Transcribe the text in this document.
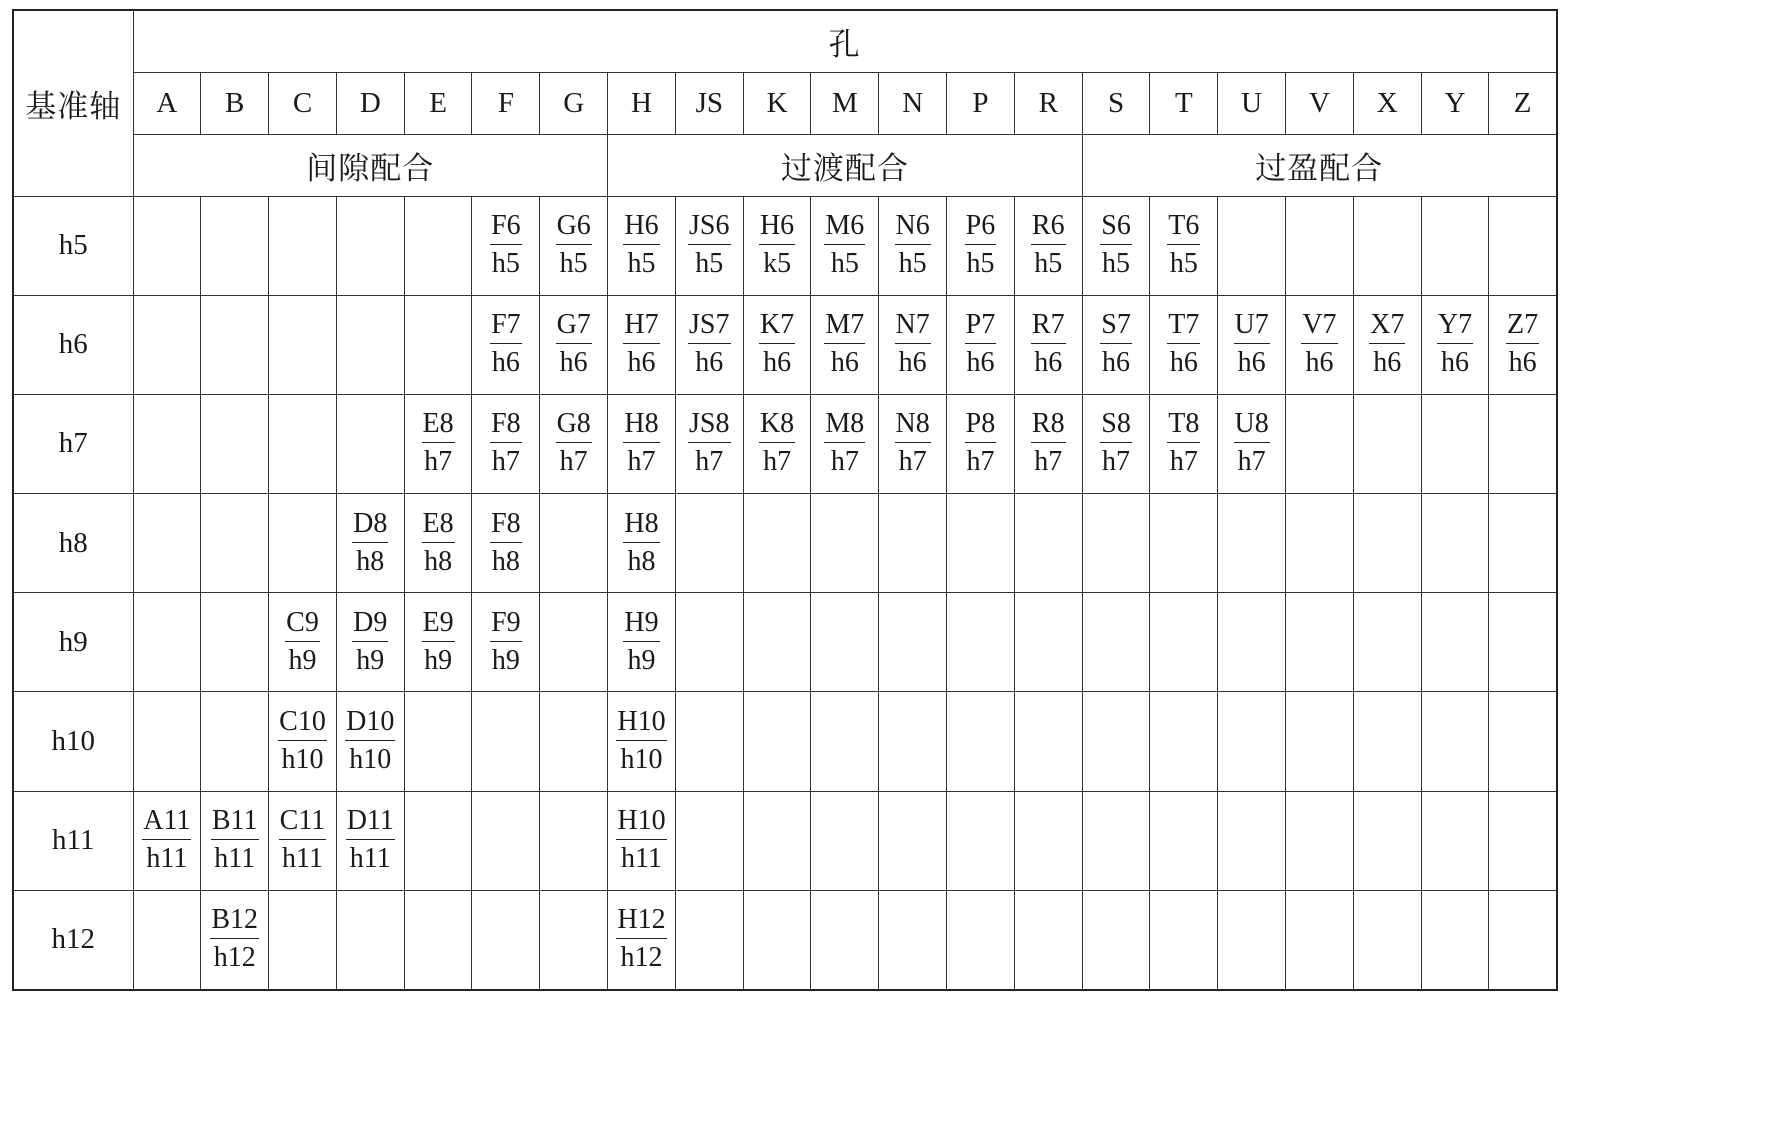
基准轴	孔																				
	A	B	C	D	E	F	G	H	JS	K	M	N	P	R	S	T	U	V	X	Y	Z
	间隙配合							过渡配合							过盈配合						
h5						$\frac{F6}{h5}$	$\frac{G6}{h5}$	$\frac{H6}{h5}$	$\frac{JS6}{h5}$	$\frac{H6}{k5}$	$\frac{M6}{h5}$	$\frac{N6}{h5}$	$\frac{P6}{h5}$	$\frac{R6}{h5}$	$\frac{S6}{h5}$	$\frac{T6}{h5}$

h6						$\frac{F7}{h6}$	$\frac{G7}{h6}$	$\frac{H7}{h6}$	$\frac{JS7}{h6}$	$\frac{K7}{h6}$	$\frac{M7}{h6}$	$\frac{N7}{h6}$	$\frac{P7}{h6}$	$\frac{R7}{h6}$	$\frac{S7}{h6}$	$\frac{T7}{h6}$	$\frac{U7}{h6}$	$\frac{V7}{h6}$	$\frac{X7}{h6}$	$\frac{Y7}{h6}$	$\frac{Z7}{h6}$

h7					$\frac{E8}{h7}$	$\frac{F8}{h7}$	$\frac{G8}{h7}$	$\frac{H8}{h7}$	$\frac{JS8}{h7}$	$\frac{K8}{h7}$	$\frac{M8}{h7}$	$\frac{N8}{h7}$	$\frac{P8}{h7}$	$\frac{R8}{h7}$	$\frac{S8}{h7}$	$\frac{T8}{h7}$	$\frac{U8}{h7}$

h8				$\frac{D8}{h8}$	$\frac{E8}{h8}$	$\frac{F8}{h8}$		$\frac{H8}{h8}$

h9			$\frac{C9}{h9}$	$\frac{D9}{h9}$	$\frac{E9}{h9}$	$\frac{F9}{h9}$		$\frac{H9}{h9}$

h10			$\frac{C10}{h10}$	$\frac{D10}{h10}$				$\frac{H10}{h10}$

h11	$\frac{A11}{h11}$	$\frac{B11}{h11}$	$\frac{C11}{h11}$	$\frac{D11}{h11}$				$\frac{H10}{h11}$

h12		$\frac{B12}{h12}$						$\frac{H12}{h12}$
